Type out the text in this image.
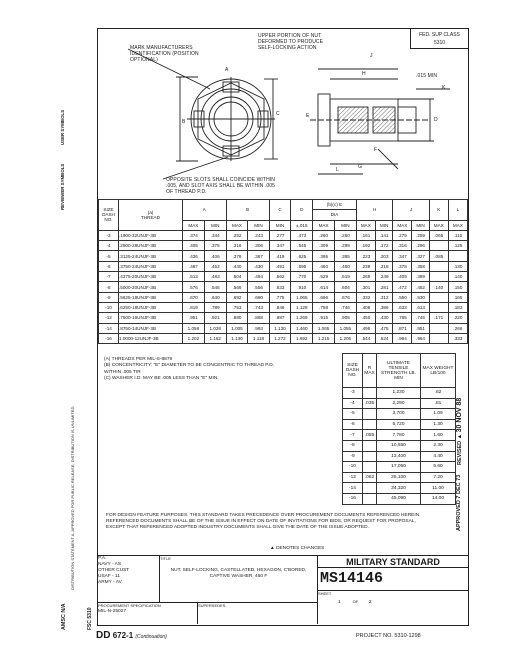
USER SYMBOLS
REVIEWER SYMBOLS
DISTRIBUTION STATEMENT A. APPROVED FOR PUBLIC RELEASE; DISTRIBUTION IS UNLIMITED.
AMSC N/A	FSC 5310
FED. SUP CLASS
5310
MARK MANUFACTURERS IDENTIFICATION (POSITION OPTIONAL)
UPPER PORTION OF NUT DEFORMED TO PRODUCE SELF-LOCKING ACTION
OPPOSITE SLOTS SHALL COINCIDE WITHIN .005, AND SLOT AXIS SHALL BE WITHIN .005 OF THREAD P.D.
.015 MIN
J
H
K
B
C
D
E
F
G
L
A
SIZE DASH NO.	(a)
THREAD	A		B		C	D	(b)(c) E		H		J		K	L
								DIA							
		MAX	MIN	MAX	MIN	MIN	±.015	MAX	MIN	MAX	MIN	MAX	MIN	MAX	MAX
-3	.1900-32UNJF-3B	.374	.344	.252	.243	.277	.473	.260	.250	.161	.141	.279	.259	.065	.110
-4	.2500-28UNJF-3B	.405	.375	.316	.306	.347	.545	.309	.299	.192	.172	.316	.296		.125
-5	.3125-24UNJF-3B	.436	.406	.378	.367	.419	.625	.395	.385	.223	.203	.347	.327	.085	
-6	.3750-24UNJF-3B	.487	.452	.440	.430	.491	.695	.460	.450	.238	.218	.378	.358		.130
-7	.4375-20UNJF-3B	.513	.483	.504	.494	.562	.770	.529	.519	.269	.249	.409	.389		.140
-8	.5000-20UNJF-3B	.576	.546	.566	.556	.633	.910	.614	.604	.301	.281	.472	.452	.140	.150
-9	.5625-18UNJF-3B	.670	.640	.692	.680	.775	1.065	.666	.676	.332	.312	.550	.530		.165
-10	.6250-18UNJF-3B	.819	.789	.753	.743	.846	1.128	.758	.746	.406	.386	.633	.613		.183
-12	.7500-16UNJF-3B	.951	.921	.880	.868	.987	1.269	.915	.905	.450	.430	.765	.745	.171	.220
-14	.8750-14UNJF-3B	1.058	1.028	1.005	.993	1.130	1.460	1.065	1.055	.495	.475	.871	.851		.266
-16	1.0000-12UNJF-3B	1.202	1.162	1.130	1.118	1.272	1.692	1.215	1.205	.544	.524	.984	.964		.333
(A) THREADS PER MIL-S-8879
(B) CONCENTRICITY: "E" DIAMETER TO BE CONCENTRIC TO THREAD P.D. WITHIN .005 TIR
(C) WASHER I.D. MAY BE .005 LESS THAN "E" MIN.
SIZE DASH NO.	R MAX	ULTIMATE TENSILE STRENGTH LB. MIN	MAX WEIGHT LB/100
-3		1,230	.62
-4	.035	2,290	.81
-5		3,700	1.09
-6		5,720	1.30
-7	.055	7,780	1.60
-8		10,550	2.30
-9		13,400	4.40
-10		17,050	5.60
-12	.062	25,100	7.20
-14		34,320	11.00
-16		45,090	14.00
REVISED ▲ 30 NOV 88
APPROVED 7 DEC 73
FOR DESIGN FEATURE PURPOSES, THIS STANDARD TAKES PRECEDENCE OVER PROCUREMENT DOCUMENTS REFERENCED HEREIN. REFERENCED DOCUMENTS SHALL BE OF THE ISSUE IN EFFECT ON DATE OF INVITATIONS FOR BIDS, OR REQUEST FOR PROPOSAL, EXCEPT THAT REFERENCED ADOPTED INDUSTRY DOCUMENTS SHALL GIVE THE DATE OF THE ISSUE ADOPTED.
▲ DENOTES CHANGES
P.A.
NAVY - AS
OTHER CUST
USAF - 11
ARMY - AV
TITLE
NUT, SELF-LOCKING, CASTELLATED, HEXAGON, C'BORED, CAPTIVE WASHER, 450 F
MILITARY STANDARD
MS14146
PROCUREMENT SPECIFICATION
MIL-N-25027
SUPERSEDES:
SHEET
1	OF 2
DD 672-1 (Continuation)	PROJECT NO. 5310-1298
